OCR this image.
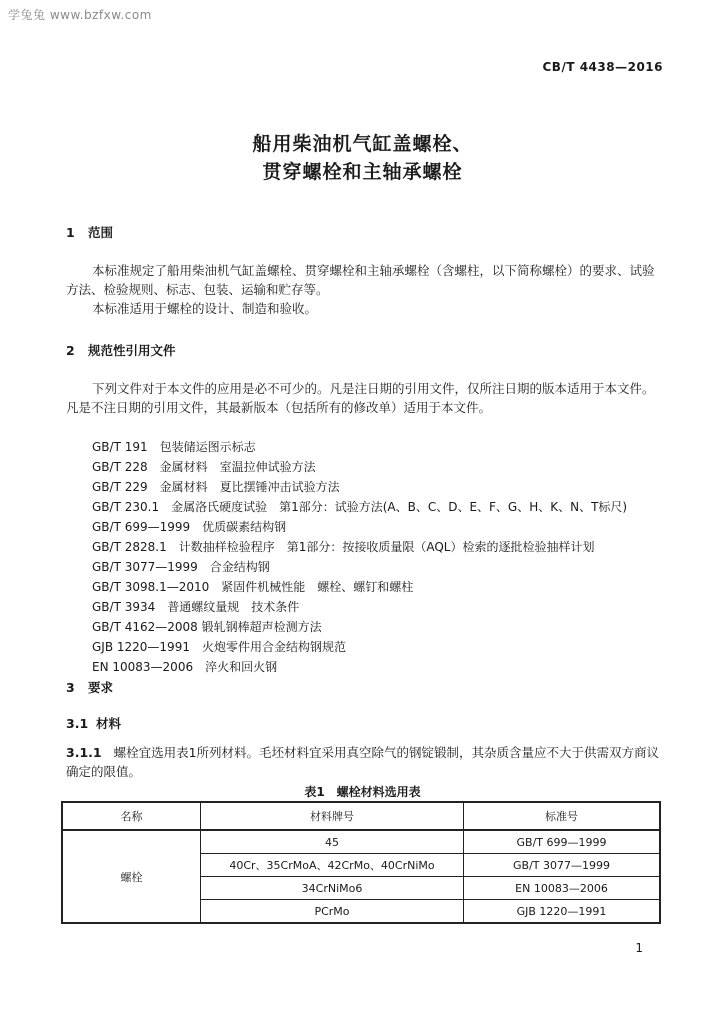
学兔兔 www.bzfxw.com
CB/T 4438—2016
船用柴油机气缸盖螺栓、
贯穿螺栓和主轴承螺栓
1 范围
本标准规定了船用柴油机气缸盖螺栓、贯穿螺栓和主轴承螺栓（含螺柱，以下简称螺栓）的要求、试验方法、检验规则、标志、包装、运输和贮存等。
本标准适用于螺栓的设计、制造和验收。
2 规范性引用文件
下列文件对于本文件的应用是必不可少的。凡是注日期的引用文件，仅所注日期的版本适用于本文件。凡是不注日期的引用文件，其最新版本（包括所有的修改单）适用于本文件。
GB/T 191　包装储运图示标志
GB/T 228　金属材料　室温拉伸试验方法
GB/T 229　金属材料　夏比摆锤冲击试验方法
GB/T 230.1　金属洛氏硬度试验　第1部分：试验方法(A、B、C、D、E、F、G、H、K、N、T标尺)
GB/T 699—1999　优质碳素结构钢
GB/T 2828.1　计数抽样检验程序　第1部分：按接收质量限（AQL）检索的逐批检验抽样计划
GB/T 3077—1999　合金结构钢
GB/T 3098.1—2010　紧固件机械性能　螺栓、螺钉和螺柱
GB/T 3934　普通螺纹量规　技术条件
GB/T 4162—2008 锻轧钢棒超声检测方法
GJB 1220—1991　火炮零件用合金结构钢规范
EN 10083—2006　淬火和回火钢
3 要求
3.1 材料
3.1.1 螺栓宜选用表1所列材料。毛坯材料宜采用真空除气的钢锭锻制，其杂质含量应不大于供需双方商议确定的限值。
表1　螺栓材料选用表
名称	材料牌号	标准号
螺栓	45	GB/T 699—1999
	40Cr、35CrMoA、42CrMo、40CrNiMo	GB/T 3077—1999
	34CrNiMo6	EN 10083—2006
	PCrMo	GJB 1220—1991
1
